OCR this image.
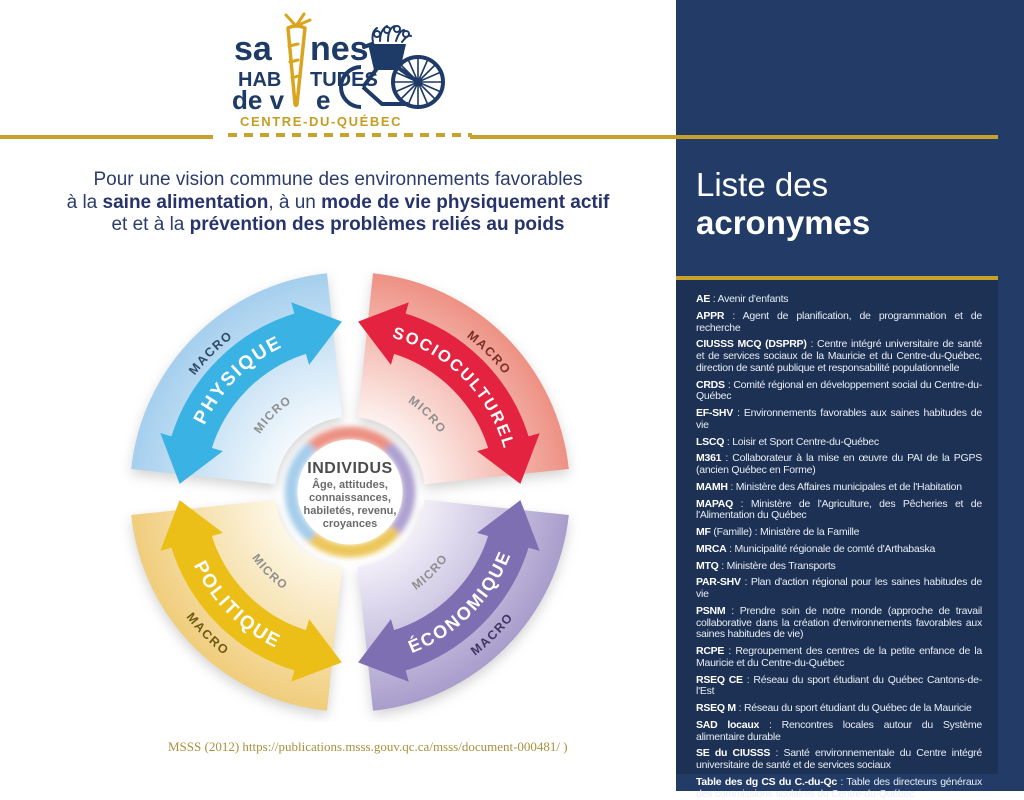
sa nes
HAB TUDES
de v e
CENTRE-DU-QUÉBEC
Pour une vision commune des environnements favorables
à la saine alimentation, à un mode de vie physiquement actif
et et à la prévention des problèmes reliés au poids
PHYSIQUE	SOCIOCULTUREL
POLITIQUE	ÉCONOMIQUE
MACRO	MACRO
MACRO	MACRO
MICRO	MICRO
MICRO	MICRO
INDIVIDUS
Âge, attitudes,
connaissances,
habiletés, revenu,
croyances
MSSS (2012) https://publications.msss.gouv.qc.ca/msss/document-000481/ )
Liste des
acronymes
AE : Avenir d'enfants
APPR : Agent de planification, de programmation et de recherche
CIUSSS MCQ (DSPRP) : Centre intégré universitaire de santé et de services sociaux de la Mauricie et du Centre-du-Québec, direction de santé publique et responsabilité populationnelle
CRDS : Comité régional en développement social du Centre-du-Québec
EF-SHV : Environnements favorables aux saines habitudes de vie
LSCQ : Loisir et Sport Centre-du-Québec
M361 : Collaborateur à la mise en œuvre du PAI de la PGPS (ancien Québec en Forme)
MAMH : Ministère des Affaires municipales et de l'Habitation
MAPAQ : Ministère de l'Agriculture, des Pêcheries et de l'Alimentation du Québec
MF (Famille) : Ministère de la Famille
MRCA : Municipalité régionale de comté d'Arthabaska
MTQ : Ministère des Transports
PAR-SHV : Plan d'action régional pour les saines habitudes de vie
PSNM : Prendre soin de notre monde (approche de travail collaborative dans la création d'environnements favorables aux saines habitudes de vie)
RCPE : Regroupement des centres de la petite enfance de la Mauricie et du Centre-du-Québec
RSEQ CE : Réseau du sport étudiant du Québec Cantons-de-l'Est
RSEQ M : Réseau du sport étudiant du Québec de la Mauricie
SAD locaux : Rencontres locales autour du Système alimentaire durable
SE du CIUSSS : Santé environnementale du Centre intégré universitaire de santé et de services sociaux
Table des dg CS du C.-du-Qc : Table des directeurs généraux des commissions scolaires du Centre-du-Québec
